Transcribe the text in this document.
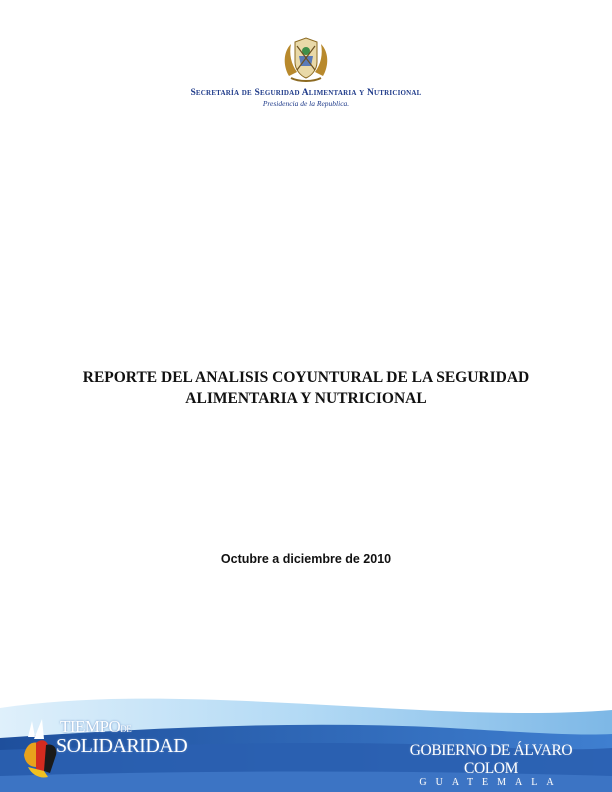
Secretaría de Seguridad Alimentaria y Nutricional
Presidencia de la Republica.
REPORTE DEL ANALISIS COYUNTURAL DE LA SEGURIDAD
ALIMENTARIA Y NUTRICIONAL
Octubre a diciembre de 2010
TIEMPODE
SOLIDARIDAD	GOBIERNO DE ÁLVARO COLOM
GUATEMALA
